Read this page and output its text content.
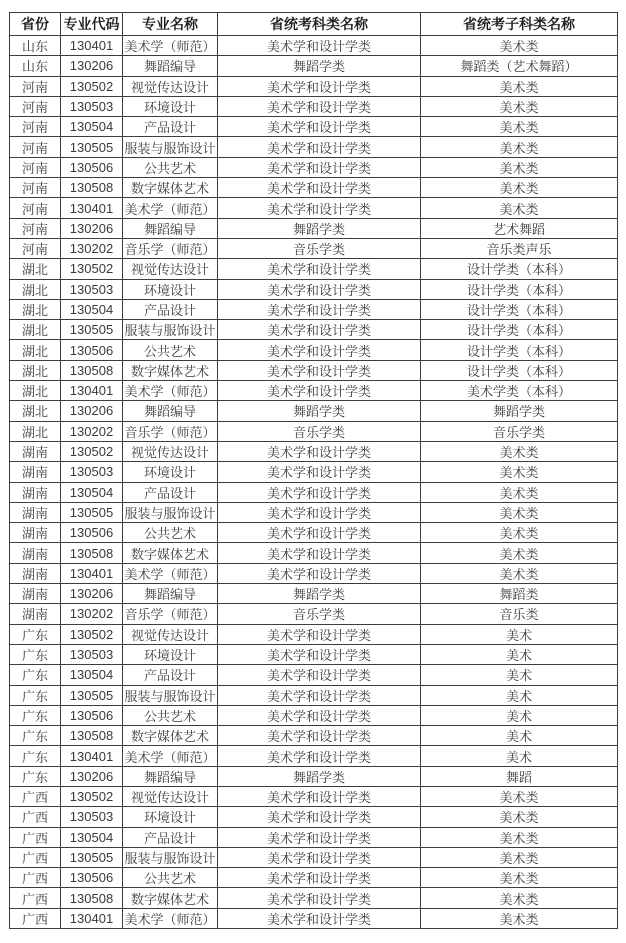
省份	专业代码	专业名称	省统考科类名称	省统考子科类名称
山东	130401	美术学（师范）	美术学和设计学类	美术类
山东	130206	舞蹈编导	舞蹈学类	舞蹈类（艺术舞蹈）
河南	130502	视觉传达设计	美术学和设计学类	美术类
河南	130503	环境设计	美术学和设计学类	美术类
河南	130504	产品设计	美术学和设计学类	美术类
河南	130505	服装与服饰设计	美术学和设计学类	美术类
河南	130506	公共艺术	美术学和设计学类	美术类
河南	130508	数字媒体艺术	美术学和设计学类	美术类
河南	130401	美术学（师范）	美术学和设计学类	美术类
河南	130206	舞蹈编导	舞蹈学类	艺术舞蹈
河南	130202	音乐学（师范）	音乐学类	音乐类声乐
湖北	130502	视觉传达设计	美术学和设计学类	设计学类（本科）
湖北	130503	环境设计	美术学和设计学类	设计学类（本科）
湖北	130504	产品设计	美术学和设计学类	设计学类（本科）
湖北	130505	服装与服饰设计	美术学和设计学类	设计学类（本科）
湖北	130506	公共艺术	美术学和设计学类	设计学类（本科）
湖北	130508	数字媒体艺术	美术学和设计学类	设计学类（本科）
湖北	130401	美术学（师范）	美术学和设计学类	美术学类（本科）
湖北	130206	舞蹈编导	舞蹈学类	舞蹈学类
湖北	130202	音乐学（师范）	音乐学类	音乐学类
湖南	130502	视觉传达设计	美术学和设计学类	美术类
湖南	130503	环境设计	美术学和设计学类	美术类
湖南	130504	产品设计	美术学和设计学类	美术类
湖南	130505	服装与服饰设计	美术学和设计学类	美术类
湖南	130506	公共艺术	美术学和设计学类	美术类
湖南	130508	数字媒体艺术	美术学和设计学类	美术类
湖南	130401	美术学（师范）	美术学和设计学类	美术类
湖南	130206	舞蹈编导	舞蹈学类	舞蹈类
湖南	130202	音乐学（师范）	音乐学类	音乐类
广东	130502	视觉传达设计	美术学和设计学类	美术
广东	130503	环境设计	美术学和设计学类	美术
广东	130504	产品设计	美术学和设计学类	美术
广东	130505	服装与服饰设计	美术学和设计学类	美术
广东	130506	公共艺术	美术学和设计学类	美术
广东	130508	数字媒体艺术	美术学和设计学类	美术
广东	130401	美术学（师范）	美术学和设计学类	美术
广东	130206	舞蹈编导	舞蹈学类	舞蹈
广西	130502	视觉传达设计	美术学和设计学类	美术类
广西	130503	环境设计	美术学和设计学类	美术类
广西	130504	产品设计	美术学和设计学类	美术类
广西	130505	服装与服饰设计	美术学和设计学类	美术类
广西	130506	公共艺术	美术学和设计学类	美术类
广西	130508	数字媒体艺术	美术学和设计学类	美术类
广西	130401	美术学（师范）	美术学和设计学类	美术类
